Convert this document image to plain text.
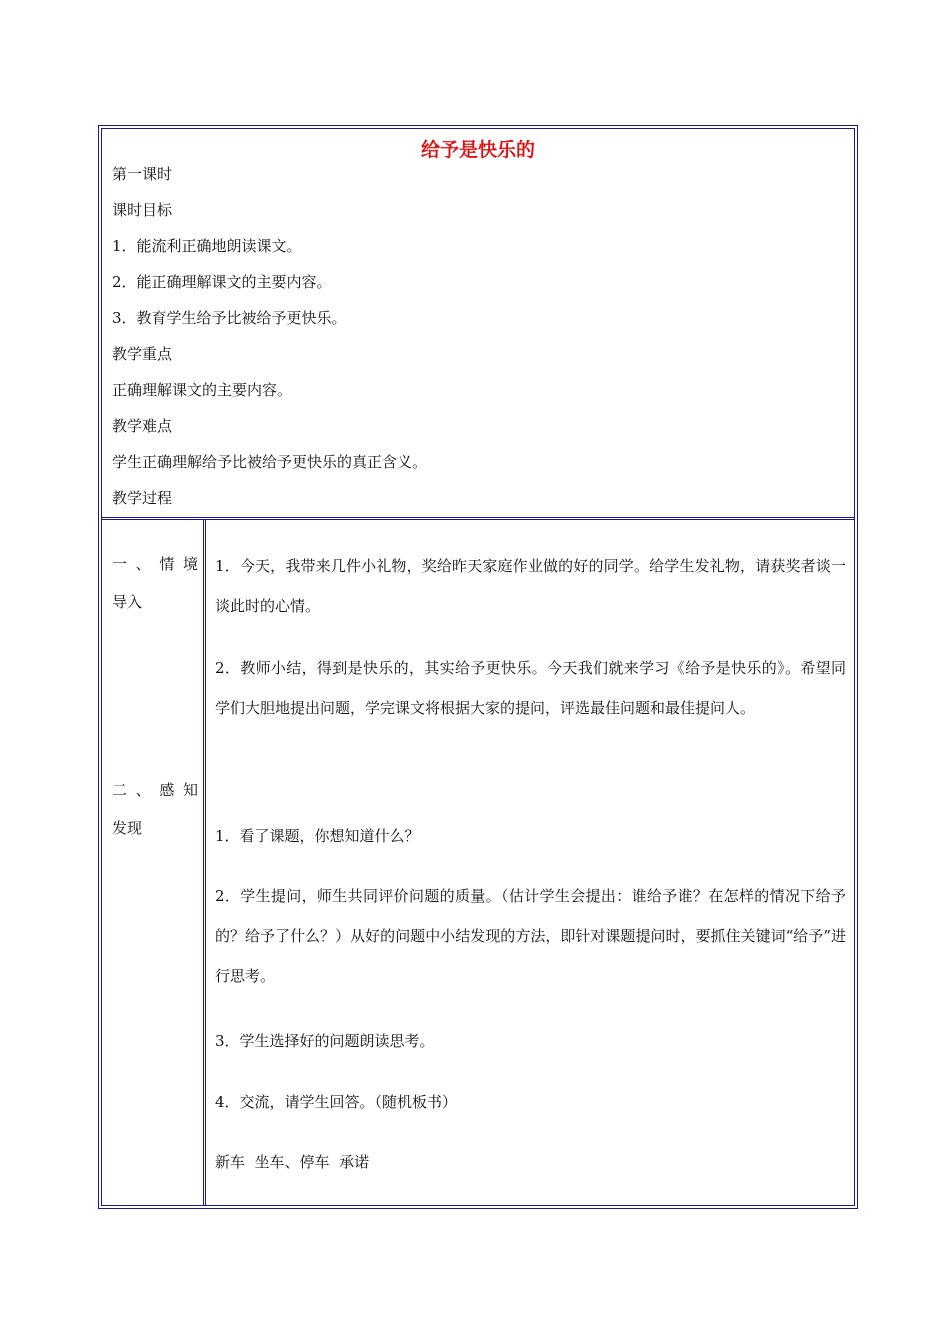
给予是快乐的
第一课时
课时目标
1．能流利正确地朗读课文。
2．能正确理解课文的主要内容。
3．教育学生给予比被给予更快乐。
教学重点
正确理解课文的主要内容。
教学难点
学生正确理解给予比被给予更快乐的真正含义。
教学过程
一 、 情 境
导入
二 、 感 知
发现
1．今天，我带来几件小礼物，奖给昨天家庭作业做的好的同学。给学生发礼物，请获奖者谈一谈此时的心情。
2．教师小结，得到是快乐的，其实给予更快乐。今天我们就来学习《给予是快乐的》。希望同学们大胆地提出问题，学完课文将根据大家的提问，评选最佳问题和最佳提问人。
1．看了课题，你想知道什么？
2．学生提问，师生共同评价问题的质量。（估计学生会提出：谁给予谁？在怎样的情况下给予的？给予了什么？）从好的问题中小结发现的方法，即针对课题提问时，要抓住关键词“给予”进行思考。
3．学生选择好的问题朗读思考。
4．交流，请学生回答。（随机板书）
新车  坐车、停车  承诺
